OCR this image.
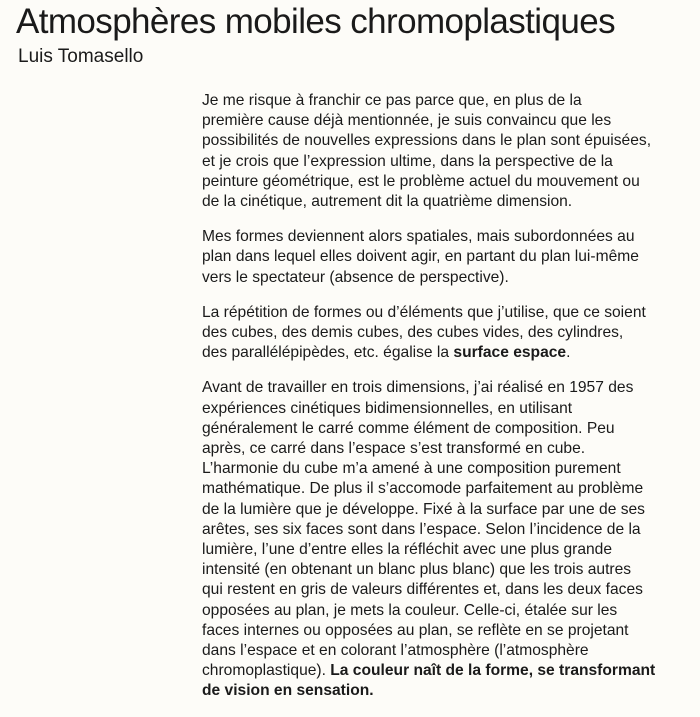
Atmosphères mobiles chromoplastiques
Luis Tomasello

Je me risque à franchir ce pas parce que, en plus de la
première cause déjà mentionnée, je suis convaincu que les
possibilités de nouvelles expressions dans le plan sont épuisées,
et je crois que l’expression ultime, dans la perspective de la
peinture géométrique, est le problème actuel du mouvement ou
de la cinétique, autrement dit la quatrième dimension.

Mes formes deviennent alors spatiales, mais subordonnées au
plan dans lequel elles doivent agir, en partant du plan lui-même
vers le spectateur (absence de perspective).

La répétition de formes ou d’éléments que j’utilise, que ce soient
des cubes, des demis cubes, des cubes vides, des cylindres,
des parallélépipèdes, etc. égalise la surface espace.

Avant de travailler en trois dimensions, j’ai réalisé en 1957 des
expériences cinétiques bidimensionnelles, en utilisant
généralement le carré comme élément de composition. Peu
après, ce carré dans l’espace s’est transformé en cube.
L’harmonie du cube m’a amené à une composition purement
mathématique. De plus il s’accomode parfaitement au problème
de la lumière que je développe. Fixé à la surface par une de ses
arêtes, ses six faces sont dans l’espace. Selon l’incidence de la
lumière, l’une d’entre elles la réfléchit avec une plus grande
intensité (en obtenant un blanc plus blanc) que les trois autres
qui restent en gris de valeurs différentes et, dans les deux faces
opposées au plan, je mets la couleur. Celle-ci, étalée sur les
faces internes ou opposées au plan, se reflète en se projetant
dans l’espace et en colorant l’atmosphère (l’atmosphère
chromoplastique). La couleur naît de la forme, se transformant
de vision en sensation.
